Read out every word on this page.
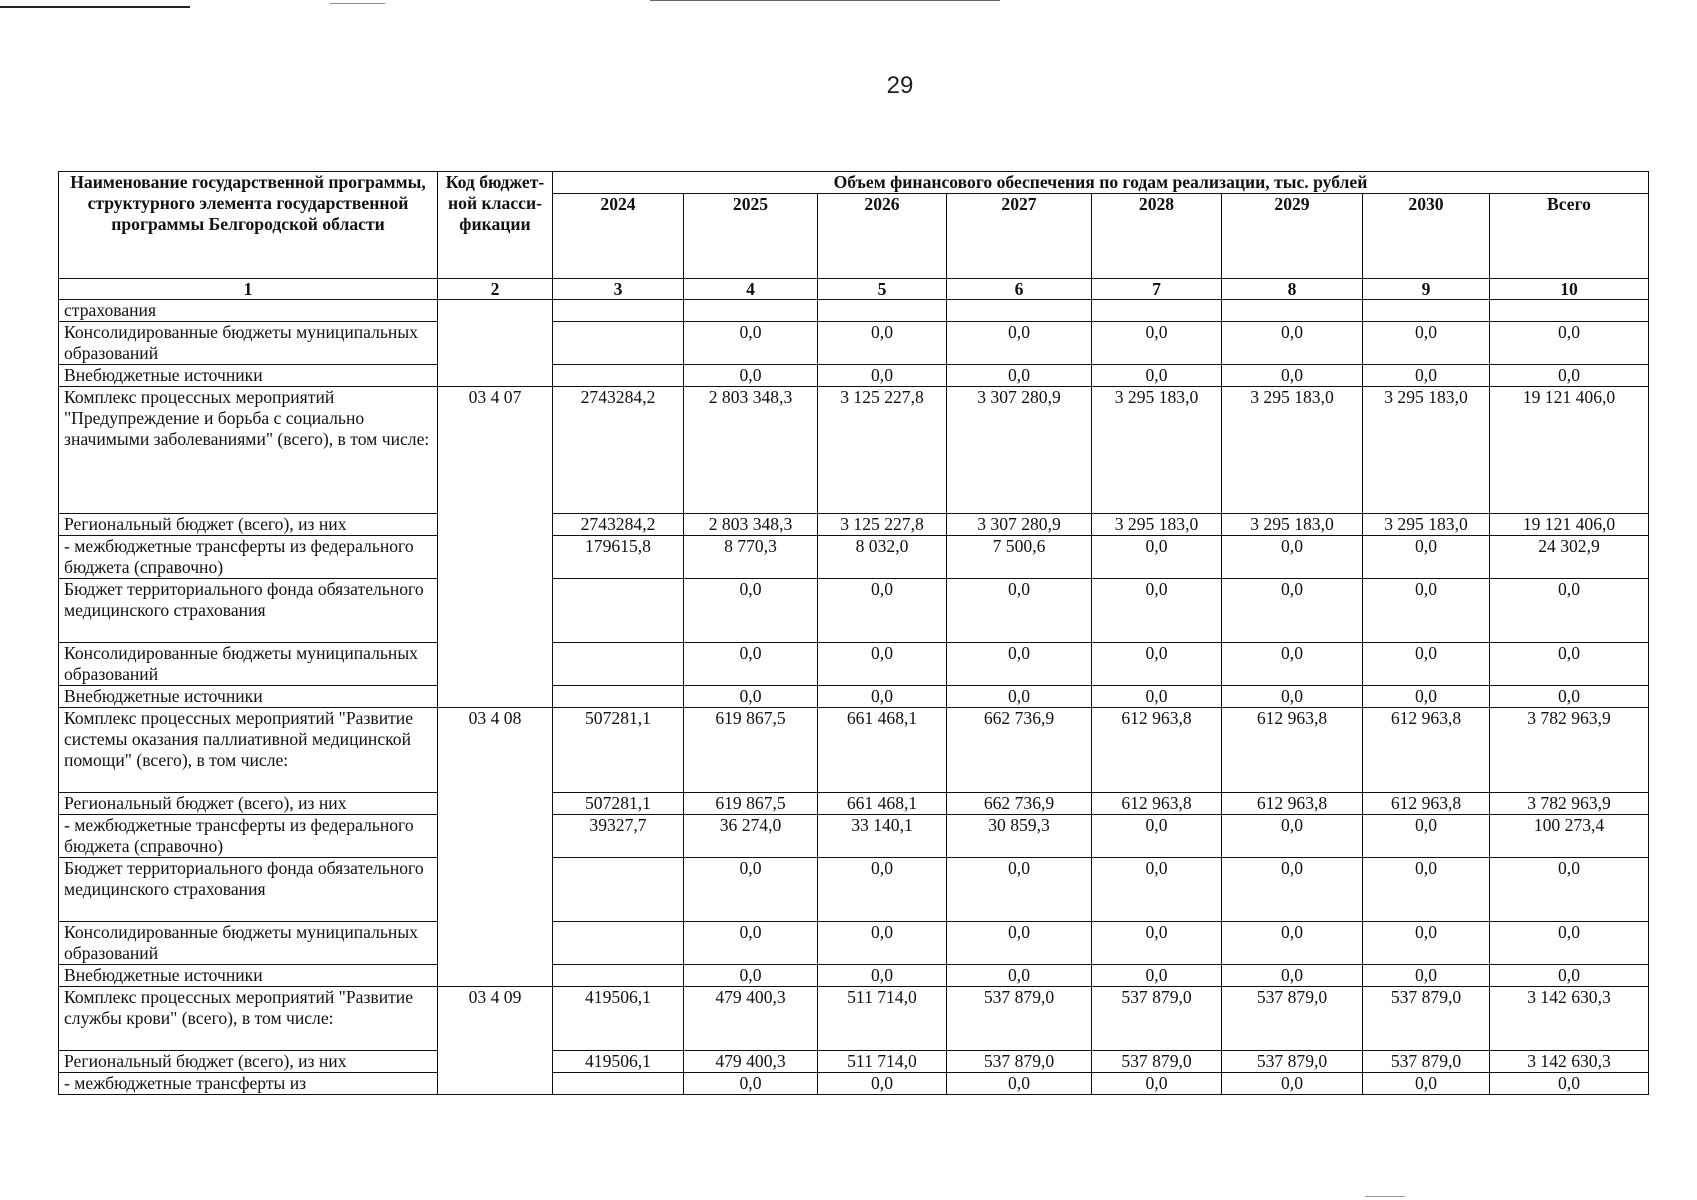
29
Наименование государственной программы, структурного элемента государственной программы Белгородской области	Код бюджет-ной класси-фикации	Объем финансового обеспечения по годам реализации, тыс. рублей							
		2024	2025	2026	2027	2028	2029	2030	Всего
1	2	3	4	5	6	7	8	9	10
страхования									
Консолидированные бюджеты муниципальных образований			0,0	0,0	0,0	0,0	0,0	0,0	0,0
Внебюджетные источники			0,0	0,0	0,0	0,0	0,0	0,0	0,0
Комплекс процессных мероприятий "Предупреждение и борьба с социально значимыми заболеваниями" (всего), в том числе:	03 4 07	2743284,2	2 803 348,3	3 125 227,8	3 307 280,9	3 295 183,0	3 295 183,0	3 295 183,0	19 121 406,0
Региональный бюджет (всего), из них		2743284,2	2 803 348,3	3 125 227,8	3 307 280,9	3 295 183,0	3 295 183,0	3 295 183,0	19 121 406,0
- межбюджетные трансферты из федерального бюджета (справочно)		179615,8	8 770,3	8 032,0	7 500,6	0,0	0,0	0,0	24 302,9
Бюджет территориального фонда обязательного медицинского страхования			0,0	0,0	0,0	0,0	0,0	0,0	0,0
Консолидированные бюджеты муниципальных образований			0,0	0,0	0,0	0,0	0,0	0,0	0,0
Внебюджетные источники			0,0	0,0	0,0	0,0	0,0	0,0	0,0
Комплекс процессных мероприятий "Развитие системы оказания паллиативной медицинской помощи" (всего), в том числе:	03 4 08	507281,1	619 867,5	661 468,1	662 736,9	612 963,8	612 963,8	612 963,8	3 782 963,9
Региональный бюджет (всего), из них		507281,1	619 867,5	661 468,1	662 736,9	612 963,8	612 963,8	612 963,8	3 782 963,9
- межбюджетные трансферты из федерального бюджета (справочно)		39327,7	36 274,0	33 140,1	30 859,3	0,0	0,0	0,0	100 273,4
Бюджет территориального фонда обязательного медицинского страхования			0,0	0,0	0,0	0,0	0,0	0,0	0,0
Консолидированные бюджеты муниципальных образований			0,0	0,0	0,0	0,0	0,0	0,0	0,0
Внебюджетные источники			0,0	0,0	0,0	0,0	0,0	0,0	0,0
Комплекс процессных мероприятий "Развитие службы крови" (всего), в том числе:	03 4 09	419506,1	479 400,3	511 714,0	537 879,0	537 879,0	537 879,0	537 879,0	3 142 630,3
Региональный бюджет (всего), из них		419506,1	479 400,3	511 714,0	537 879,0	537 879,0	537 879,0	537 879,0	3 142 630,3
- межбюджетные трансферты из			0,0	0,0	0,0	0,0	0,0	0,0	0,0
